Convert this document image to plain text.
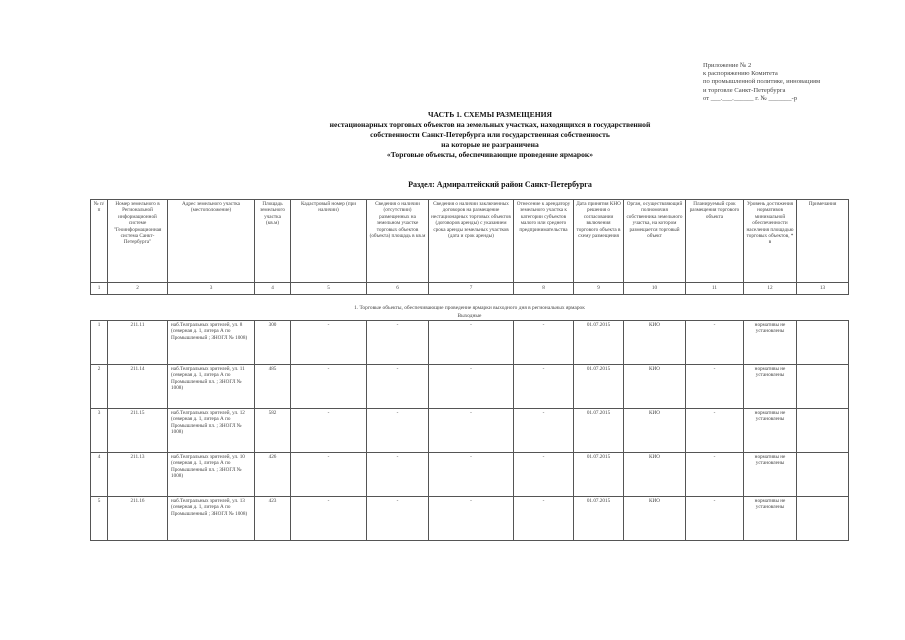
Приложение № 2
к распоряжению Комитета
по промышленной политике, инновациям
и торговле Санкт-Петербурга
от ___.___.______ г. № _______-р
ЧАСТЬ 1. СХЕМЫ РАЗМЕЩЕНИЯ
нестационарных торговых объектов на земельных участках, находящихся в государственной
собственности Санкт-Петербурга или государственная собственность
на которые не разграничена
«Торговые объекты, обеспечивающие проведение ярмарок»
Раздел: Адмиралтейский район Санкт-Петербурга
№ п/п	Номер земельного в Региональной информационной системе "Геоинформационная система Санкт-Петербурга"	Адрес земельного участка (местоположение)	Площадь земельного участка (кв.м)	Кадастровый номер (при наличии)	Сведения о наличии (отсутствии) размещенных на земельном участке торговых объектов (объекта) площадь в кв.м	Сведения о наличии заключенных договоров на размещение нестационарных торговых объектов (договоров аренды) с указанием срока аренды земельных участков (дата и срок аренды)	Отнесение к арендатору земельного участка к категории субъектов малого или среднего предпринимательства	Дата принятия КНО решения о согласовании включения торгового объекта в схему размещения	Орган, осуществляющий полномочия собственника земельного участка, на котором размещается торговый объект	Планируемый срок размещения торгового объекта	Уровень достижения нормативов минимальной обеспеченности населения площадью торговых объектов, * в	Примечания
1	2	3	4	5	6	7	8	9	10	11	12	13

1. Торговые объекты, обеспечивающие проведение ярмарки выходного дня в региональных ярмарок
Выходные												

1	211.11	наб.Театральных зрителей, ул. 8 (северная д. 1, литера А по Промышленный ; ЗНОГЛ № 1008)	300	-	-	-	-	01.07.2015	КИО	-	нормативы не установлены	
2	211.14	наб.Театральных зрителей, ул. 11 (северная д. 1, литера А по Промышленный пл. ; ЗНОГЛ № 1008)	485	-	-	-	-	01.07.2015	КИО	-	нормативы не установлены	
3	211.15	наб.Театральных зрителей, ул. 12 (северная д. 1, литера А по Промышленный пл. ; ЗНОГЛ № 1008)	582	-	-	-	-	01.07.2015	КИО	-	нормативы не установлены	
4	211.13	наб.Театральных зрителей, ул. 10 (северная д. 1, литера А по Промышленный пл. ; ЗНОГЛ № 1008)	426	-	-	-	-	01.07.2015	КИО	-	нормативы не установлены	
5	211.16	наб.Театральных зрителей, ул. 13 (северная д. 1, литера А по Промышленный ; ЗНОГЛ № 1008)	423	-	-	-	-	01.07.2015	КИО	-	нормативы не установлены	
